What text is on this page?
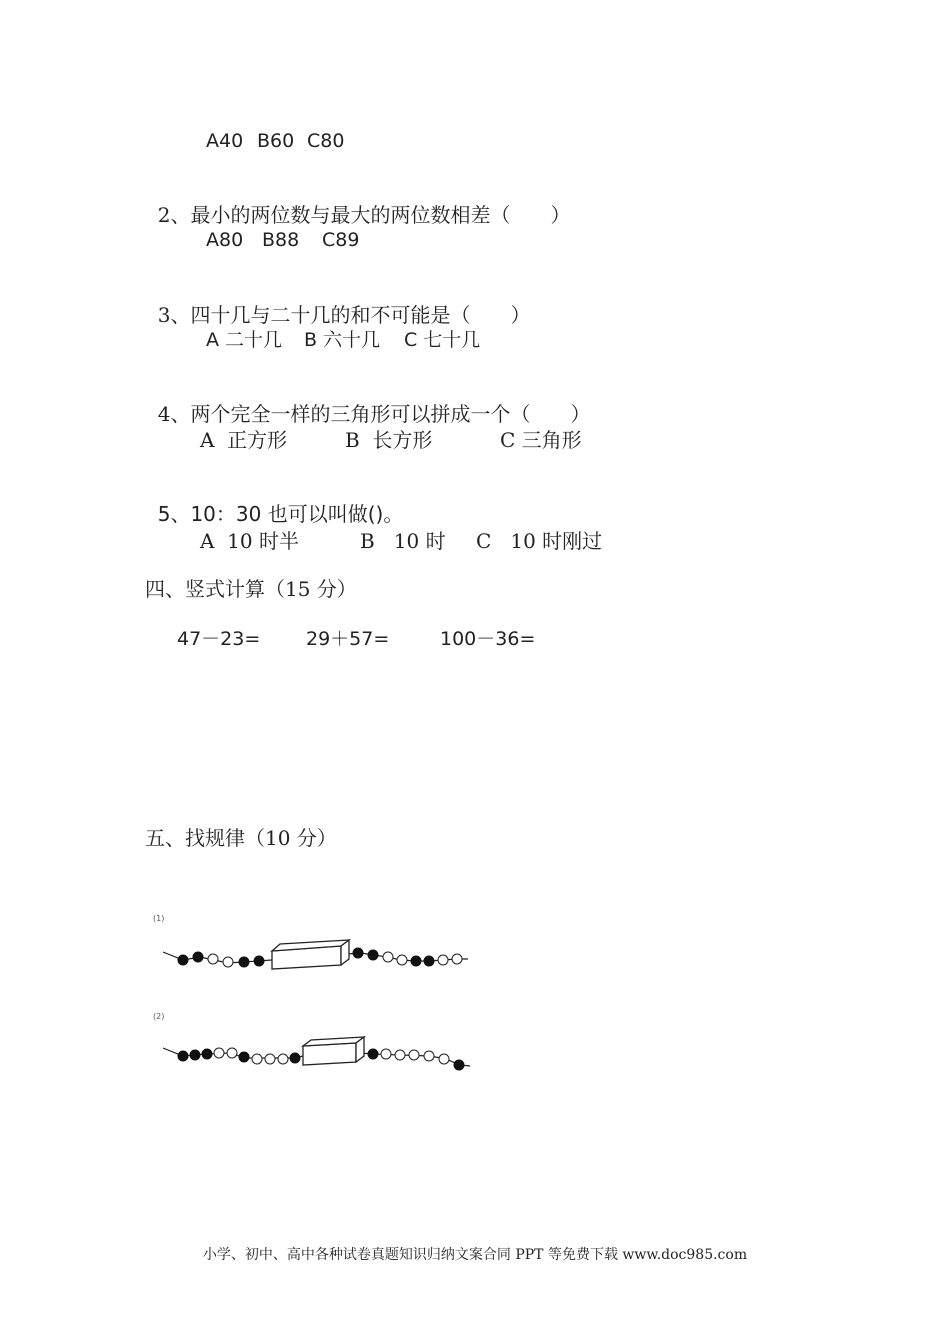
A40 B60 C80

2、最小的两位数与最大的两位数相差（　　）

A80 B88 C89

3、四十几与二十几的和不可能是（　　）

A 二十几 B 六十几 C 七十几

4、两个完全一样的三角形可以拼成一个（　　）

A  正方形	B  长方形	C 三角形

5、10：30 也可以叫做()。

A  10 时半	B   10 时 C   10 时刚过
四、竖式计算（15 分）
47－23= 29＋57=	100－36=
五、找规律（10 分）
(1)
(2)
小学、初中、高中各种试卷真题知识归纳文案合同 PPT 等免费下载 www.doc985.com
